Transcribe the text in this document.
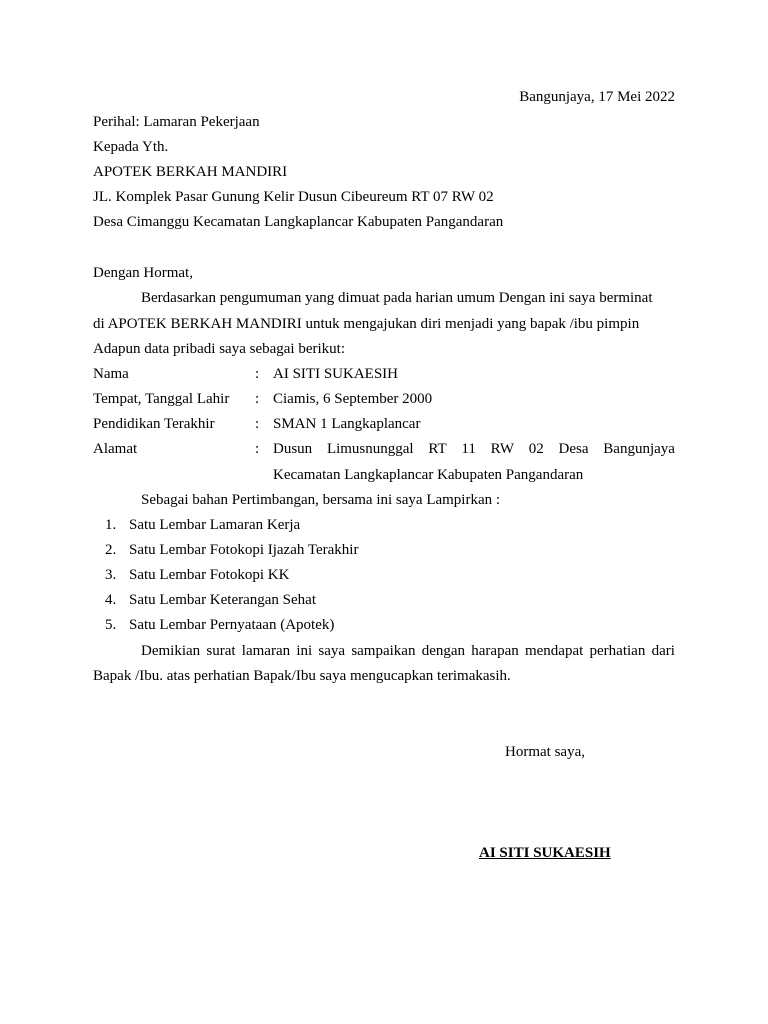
Bangunjaya, 17 Mei 2022
Perihal: Lamaran Pekerjaan
Kepada Yth.
APOTEK BERKAH MANDIRI
JL. Komplek Pasar Gunung Kelir Dusun Cibeureum RT 07 RW 02
Desa Cimanggu Kecamatan Langkaplancar Kabupaten Pangandaran
Dengan Hormat,
Berdasarkan pengumuman yang dimuat pada harian umum Dengan ini saya berminat
di APOTEK BERKAH MANDIRI untuk mengajukan diri menjadi yang bapak /ibu pimpin
Adapun data pribadi saya sebagai berikut:
Nama	: AI SITI SUKAESIH
Tempat, Tanggal Lahir : Ciamis, 6 September 2000
Pendidikan Terakhir	: SMAN 1 Langkaplancar
Alamat	: Dusun Limusnunggal RT 11 RW 02 Desa Bangunjaya
Kecamatan Langkaplancar Kabupaten Pangandaran
Sebagai bahan Pertimbangan, bersama ini saya Lampirkan :
1. Satu Lembar Lamaran Kerja
2. Satu Lembar Fotokopi Ijazah Terakhir
3. Satu Lembar Fotokopi KK
4. Satu Lembar Keterangan Sehat
5. Satu Lembar Pernyataan (Apotek)
Demikian surat lamaran ini saya sampaikan dengan harapan mendapat perhatian dari
Bapak /Ibu. atas perhatian Bapak/Ibu saya mengucapkan terimakasih.
Hormat saya,
AI SITI SUKAESIH
